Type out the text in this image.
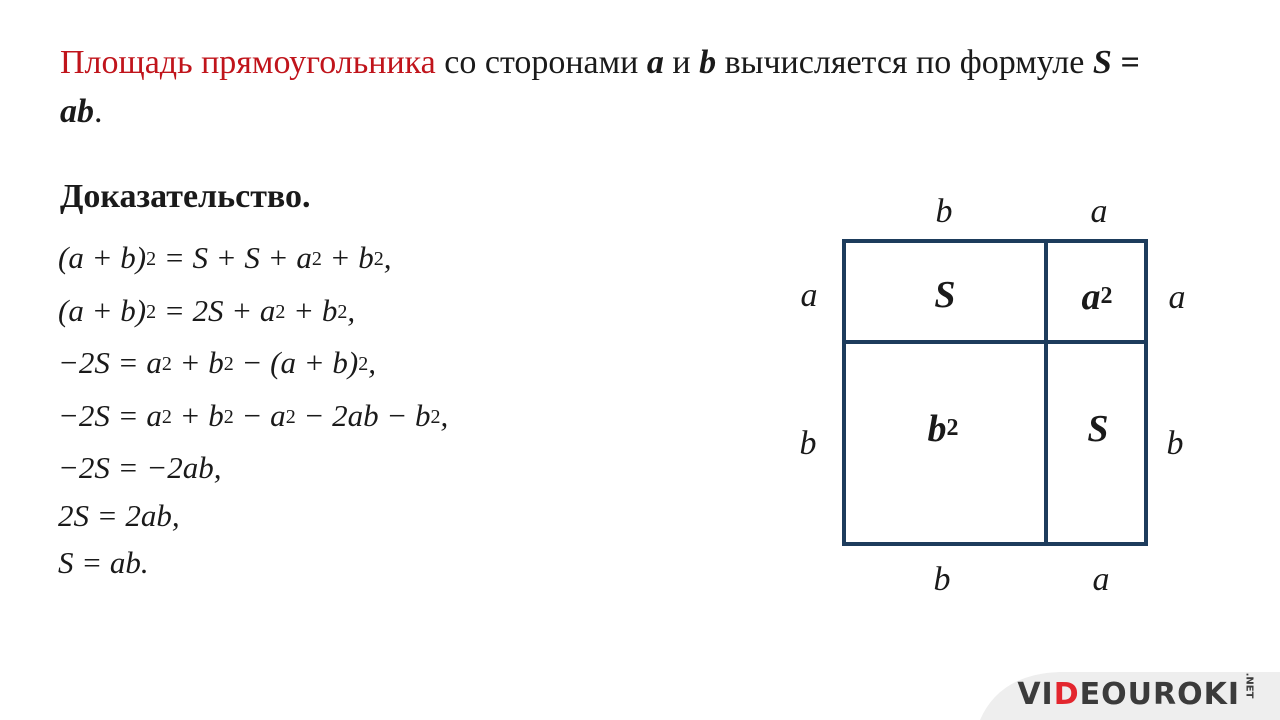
Площадь прямоугольника со сторонами a и b вычисляется по формуле S = ab.
Доказательство.
$(a + b)^2 = S + S + a^2 + b^2$,
$(a + b)^2 = 2S + a^2 + b^2$,
$-2S = a^2 + b^2 - (a + b)^2$,
$-2S = a^2 + b^2 - a^2 - 2ab - b^2$,
−2S = −2ab,
2S = 2ab,
S = ab.
b	a
b	a
a
b
a
b
S	$a^2$
$b^2$	S
VIDEOUROKI .NET
